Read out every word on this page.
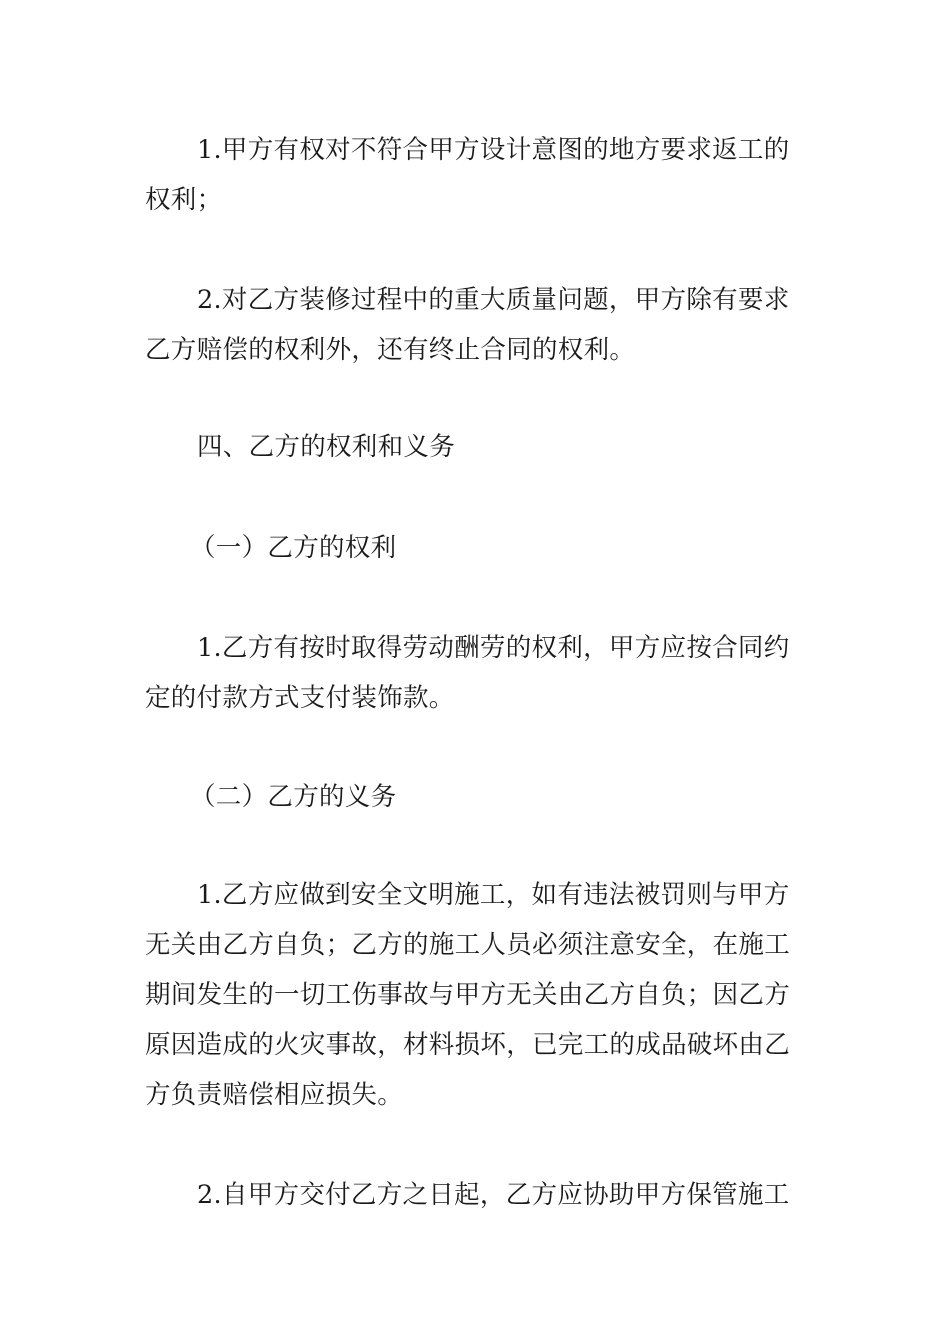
1.甲方有权对不符合甲方设计意图的地方要求返工的
权利；
2.对乙方装修过程中的重大质量问题，甲方除有要求
乙方赔偿的权利外，还有终止合同的权利。
四、乙方的权利和义务
（一）乙方的权利
1.乙方有按时取得劳动酬劳的权利，甲方应按合同约
定的付款方式支付装饰款。
（二）乙方的义务
1.乙方应做到安全文明施工，如有违法被罚则与甲方
无关由乙方自负；乙方的施工人员必须注意安全，在施工
期间发生的一切工伤事故与甲方无关由乙方自负；因乙方
原因造成的火灾事故，材料损坏，已完工的成品破坏由乙
方负责赔偿相应损失。
2.自甲方交付乙方之日起，乙方应协助甲方保管施工
